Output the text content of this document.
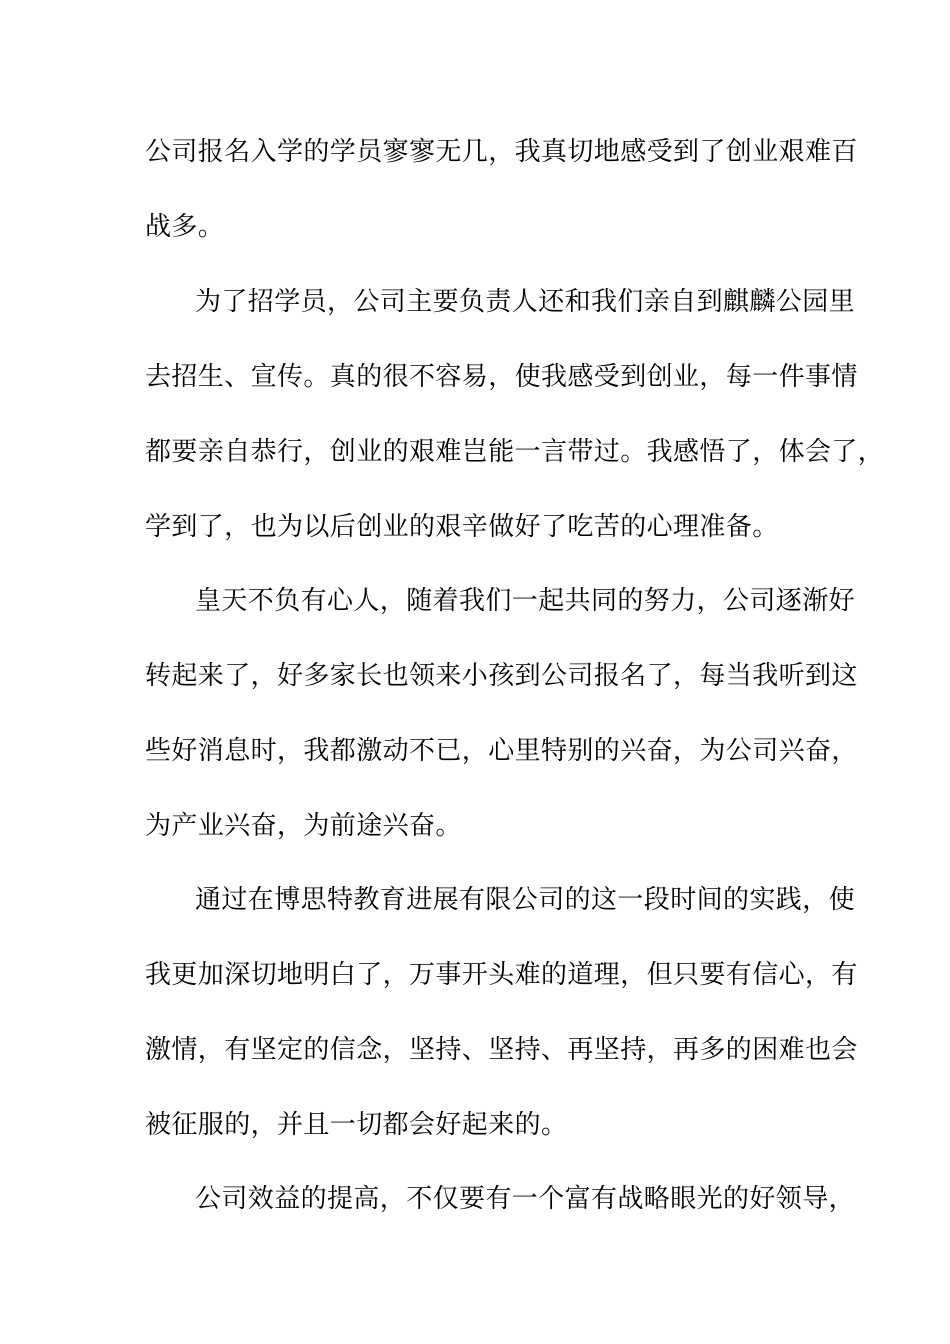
公司报名入学的学员寥寥无几，我真切地感受到了创业艰难百
战多。
为了招学员，公司主要负责人还和我们亲自到麒麟公园里
去招生、宣传。真的很不容易，使我感受到创业，每一件事情
都要亲自恭行，创业的艰难岂能一言带过。我感悟了，体会了，
学到了，也为以后创业的艰辛做好了吃苦的心理准备。
皇天不负有心人，随着我们一起共同的努力，公司逐渐好
转起来了，好多家长也领来小孩到公司报名了，每当我听到这
些好消息时，我都激动不已，心里特别的兴奋，为公司兴奋，
为产业兴奋，为前途兴奋。
通过在博思特教育进展有限公司的这一段时间的实践，使
我更加深切地明白了，万事开头难的道理，但只要有信心，有
激情，有坚定的信念，坚持、坚持、再坚持，再多的困难也会
被征服的，并且一切都会好起来的。
公司效益的提高，不仅要有一个富有战略眼光的好领导，
